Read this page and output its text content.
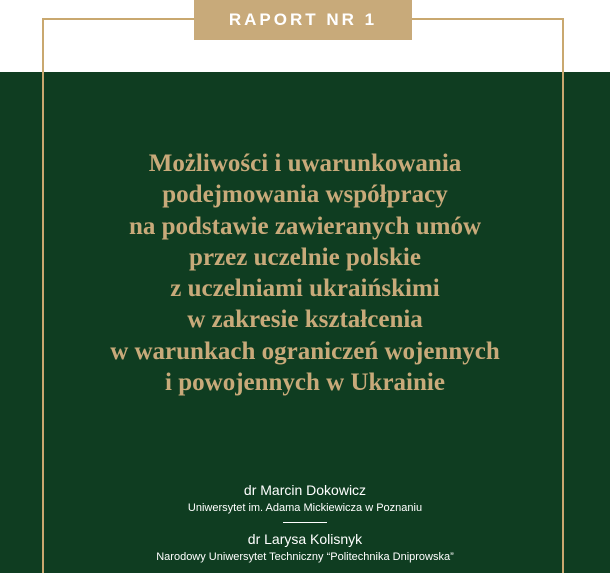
RAPORT NR 1
Możliwości i uwarunkowania
podejmowania współpracy
na podstawie zawieranych umów
przez uczelnie polskie
z uczelniami ukraińskimi
w zakresie kształcenia
w warunkach ograniczeń wojennych
i powojennych w Ukrainie
dr Marcin Dokowicz
Uniwersytet im. Adama Mickiewicza w Poznaniu
dr Larysa Kolisnyk
Narodowy Uniwersytet Techniczny “Politechnika Dniprowska”
